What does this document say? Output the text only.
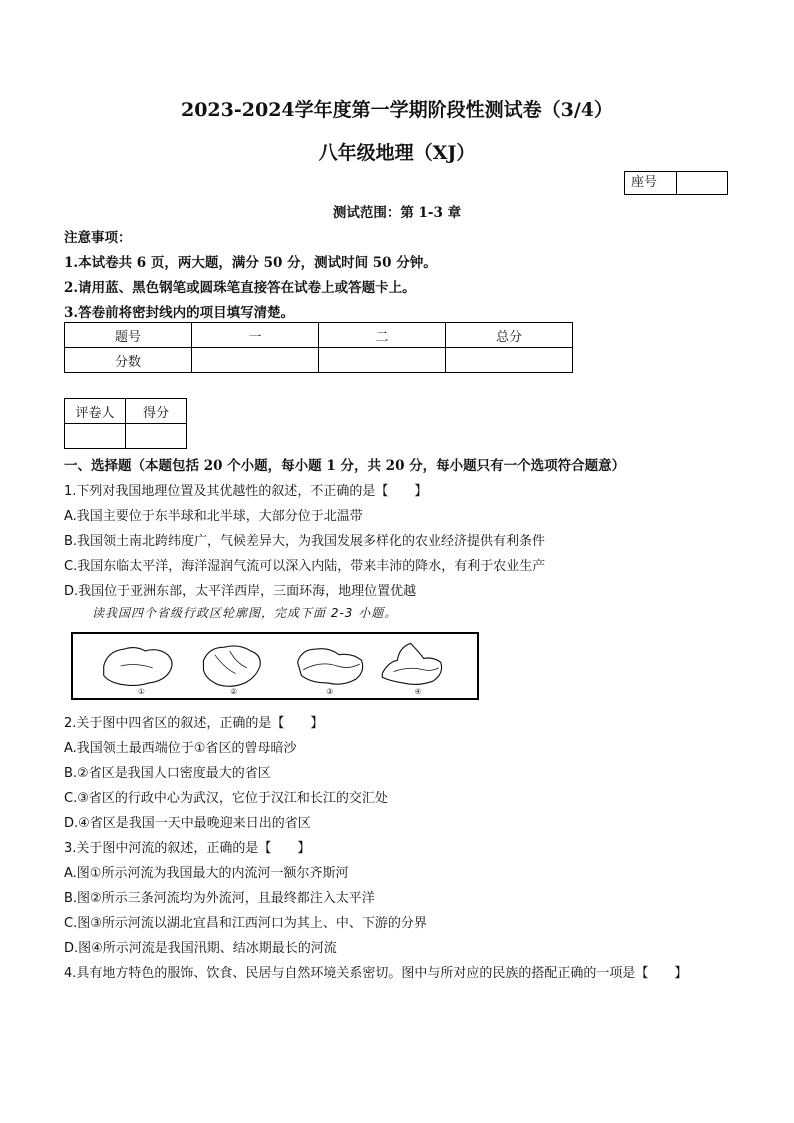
2023-2024学年度第一学期阶段性测试卷（3/4）
八年级地理（XJ）
座号
测试范围：第 1-3 章
注意事项：
1.本试卷共 6 页，两大题，满分 50 分，测试时间 50 分钟。
2.请用蓝、黑色钢笔或圆珠笔直接答在试卷上或答题卡上。
3.答卷前将密封线内的项目填写清楚。
题号	一	二	总分
分数			
评卷人	得分

一、选择题（本题包括 20 个小题，每小题 1 分，共 20 分，每小题只有一个选项符合题意）
1.下列对我国地理位置及其优越性的叙述，不正确的是【　　】
A.我国主要位于东半球和北半球，大部分位于北温带
B.我国领土南北跨纬度广，气候差异大，为我国发展多样化的农业经济提供有利条件
C.我国东临太平洋，海洋湿润气流可以深入内陆，带来丰沛的降水，有利于农业生产
D.我国位于亚洲东部，太平洋西岸，三面环海，地理位置优越
读我国四个省级行政区轮廓图，完成下面 2-3 小题。
①	②	③	④
2.关于图中四省区的叙述，正确的是【　　】
A.我国领土最西端位于①省区的曾母暗沙
B.②省区是我国人口密度最大的省区
C.③省区的行政中心为武汉，它位于汉江和长江的交汇处
D.④省区是我国一天中最晚迎来日出的省区
3.关于图中河流的叙述，正确的是【　　】
A.图①所示河流为我国最大的内流河一额尔齐斯河
B.图②所示三条河流均为外流河，且最终都注入太平洋
C.图③所示河流以湖北宜昌和江西河口为其上、中、下游的分界
D.图④所示河流是我国汛期、结冰期最长的河流
4.具有地方特色的服饰、饮食、民居与自然环境关系密切。图中与所对应的民族的搭配正确的一项是【　　】
